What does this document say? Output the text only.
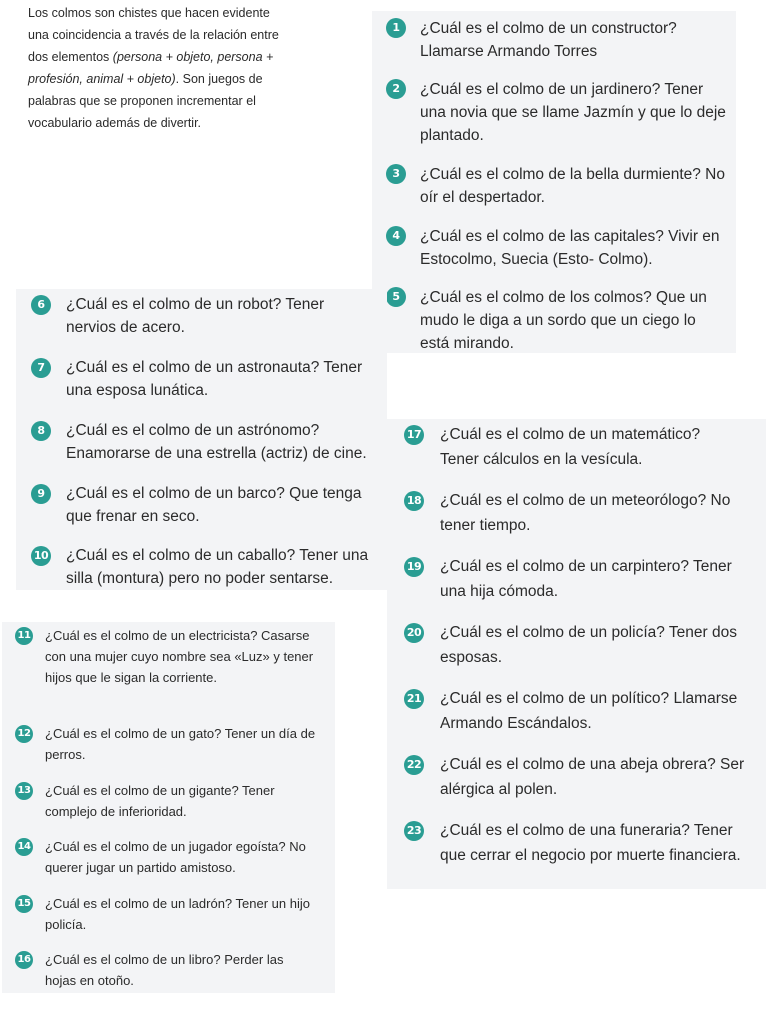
Los colmos son chistes que hacen evidente una coincidencia a través de la relación entre dos elementos (persona + objeto, persona + profesión, animal + objeto). Son juegos de palabras que se proponen incrementar el vocabulario además de divertir.

1	¿Cuál es el colmo de un constructor? Llamarse Armando Torres

2	¿Cuál es el colmo de un jardinero? Tener una novia que se llame Jazmín y que lo deje plantado.

3	¿Cuál es el colmo de la bella durmiente? No oír el despertador.

4	¿Cuál es el colmo de las capitales? Vivir en Estocolmo, Suecia (Esto- Colmo).

5	¿Cuál es el colmo de los colmos? Que un mudo le diga a un sordo que un ciego lo está mirando.

6	¿Cuál es el colmo de un robot? Tener nervios de acero.

7	¿Cuál es el colmo de un astronauta? Tener una esposa lunática.

8	¿Cuál es el colmo de un astrónomo? Enamorarse de una estrella (actriz) de cine.

9	¿Cuál es el colmo de un barco? Que tenga que frenar en seco.

10 ¿Cuál es el colmo de un caballo? Tener una silla (montura) pero no poder sentarse.

11 ¿Cuál es el colmo de un electricista? Casarse con una mujer cuyo nombre sea «Luz» y tener hijos que le sigan la corriente.

12 ¿Cuál es el colmo de un gato? Tener un día de perros.

13 ¿Cuál es el colmo de un gigante? Tener complejo de inferioridad.

14 ¿Cuál es el colmo de un jugador egoísta? No querer jugar un partido amistoso.

15 ¿Cuál es el colmo de un ladrón? Tener un hijo policía.

16 ¿Cuál es el colmo de un libro? Perder las hojas en otoño.

17 ¿Cuál es el colmo de un matemático? Tener cálculos en la vesícula.

18 ¿Cuál es el colmo de un meteorólogo? No tener tiempo.

19 ¿Cuál es el colmo de un carpintero? Tener una hija cómoda.

20 ¿Cuál es el colmo de un policía? Tener dos esposas.

21 ¿Cuál es el colmo de un político? Llamarse Armando Escándalos.

22 ¿Cuál es el colmo de una abeja obrera? Ser alérgica al polen.

23 ¿Cuál es el colmo de una funeraria? Tener que cerrar el negocio por muerte financiera.
